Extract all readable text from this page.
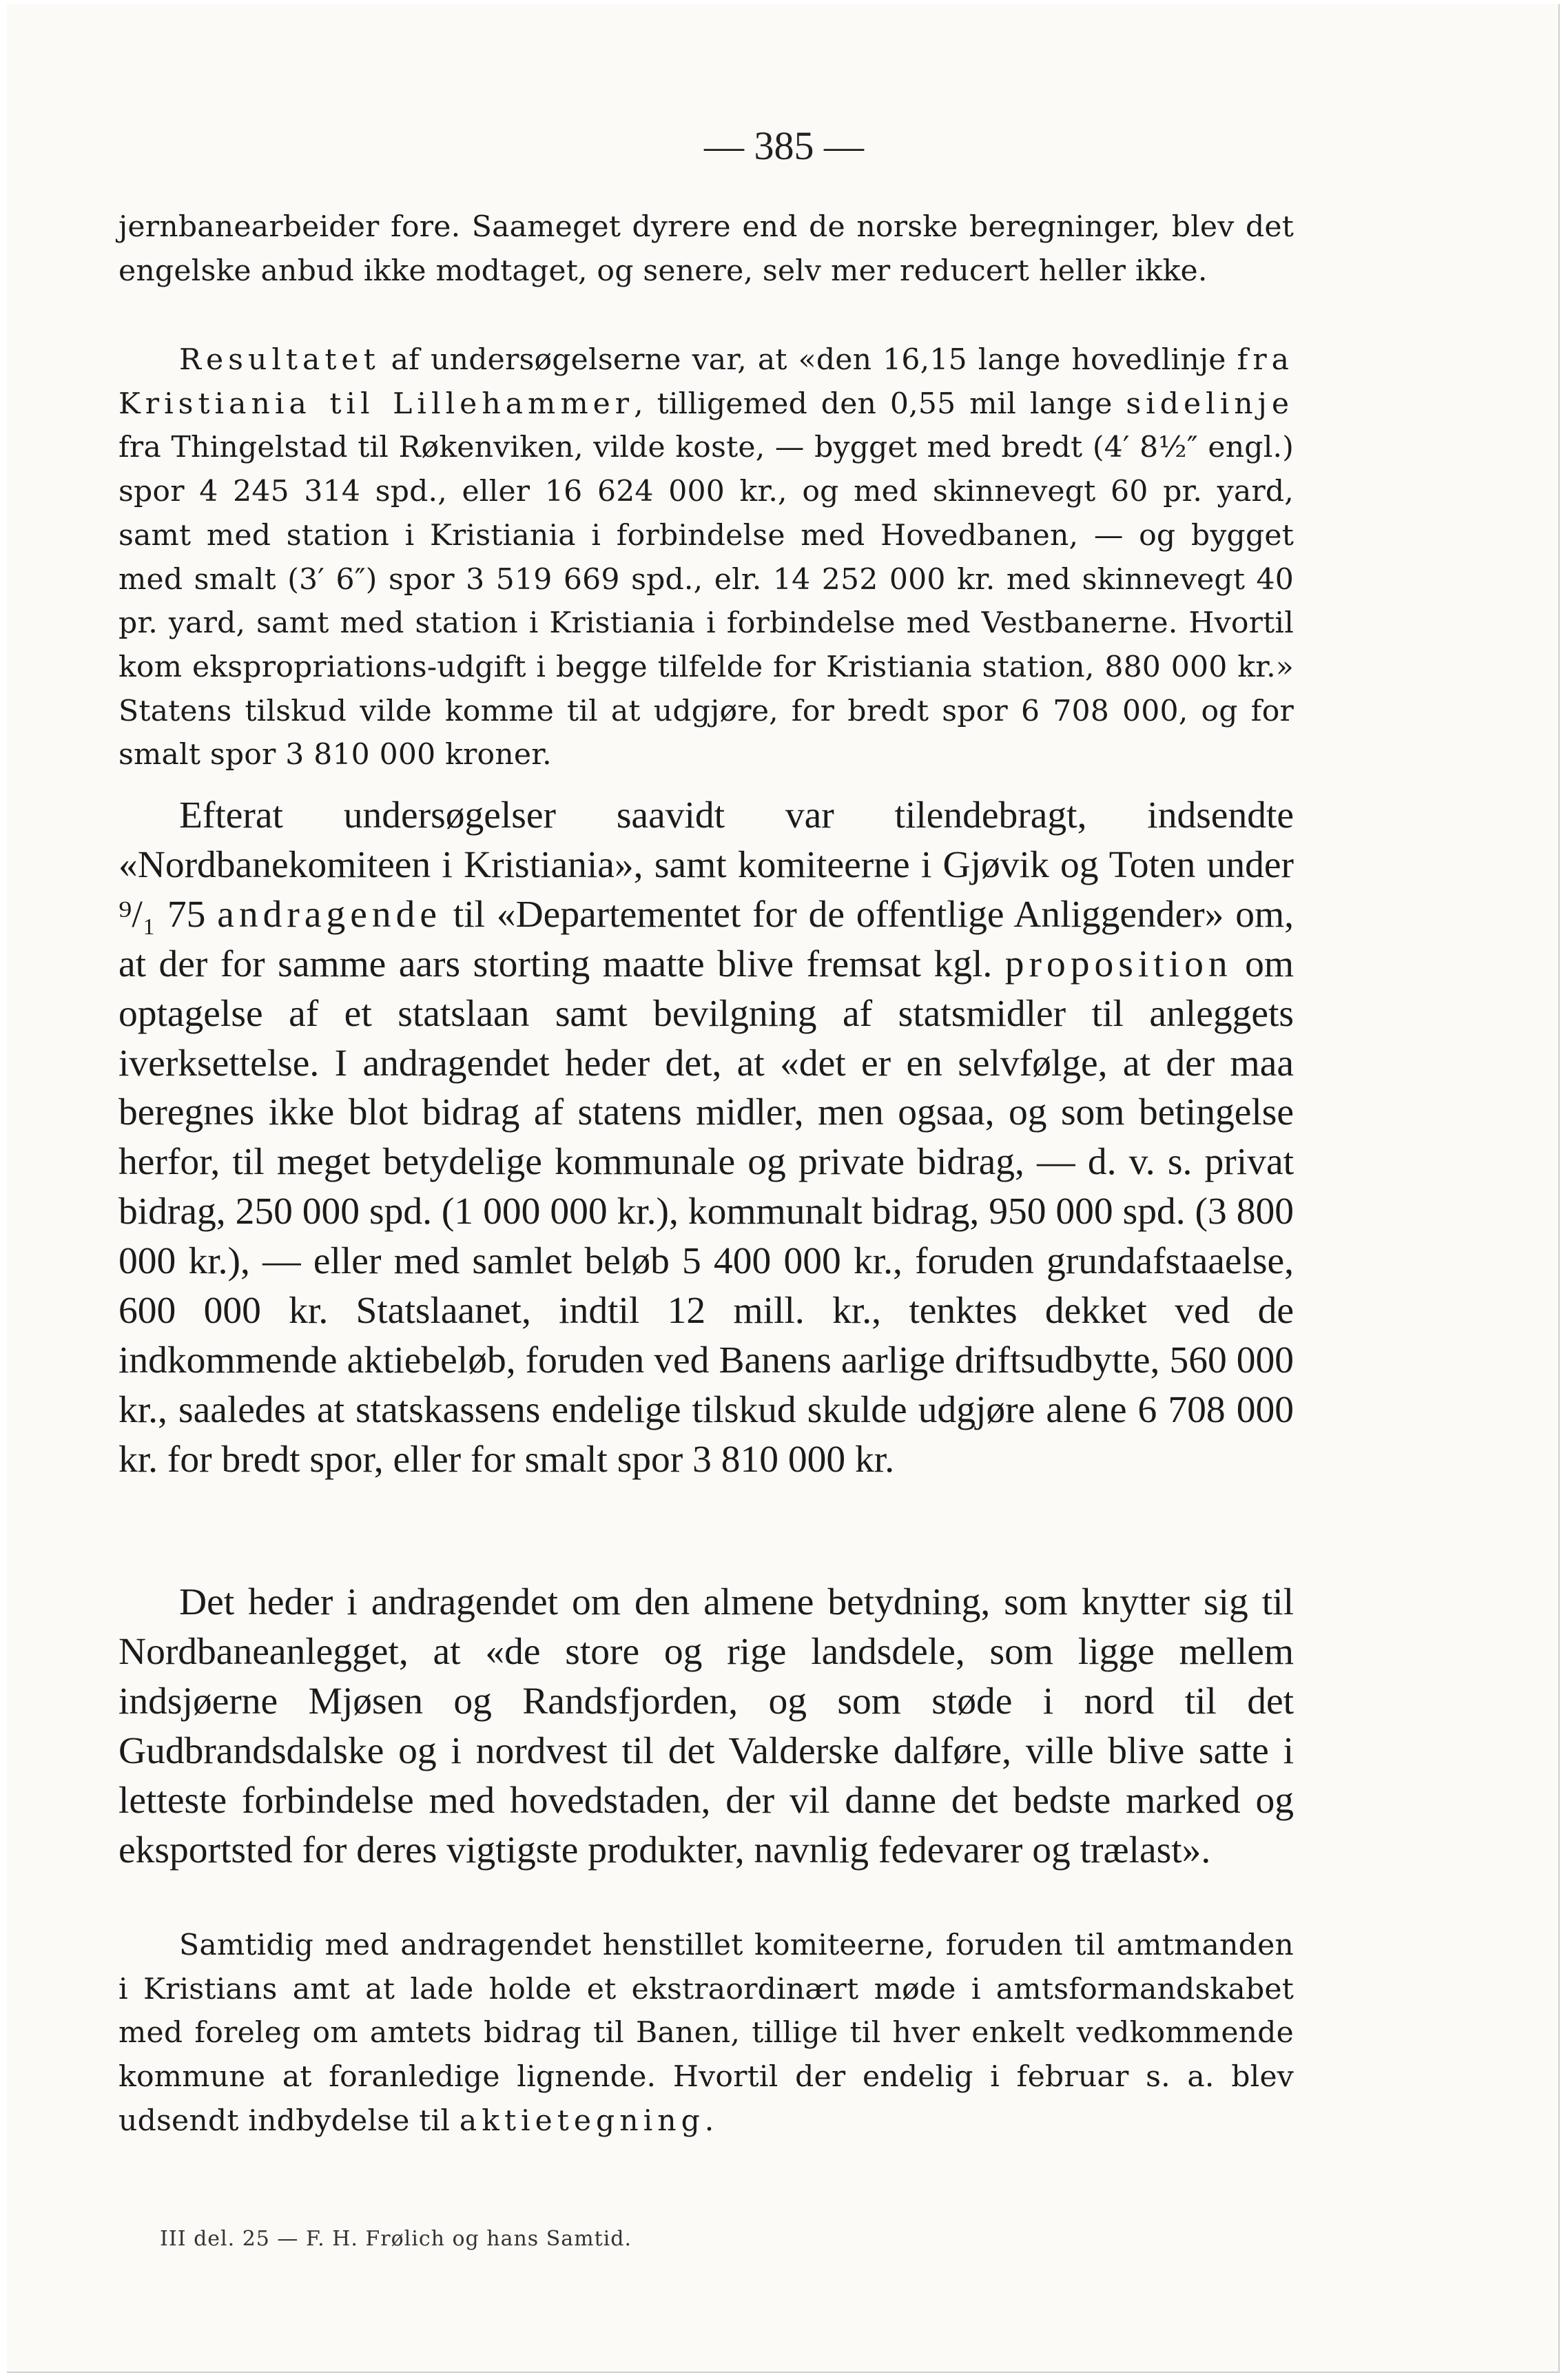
— 385 —

jernbanearbeider fore. Saameget dyrere end de norske beregninger, blev det engelske anbud ikke modtaget, og senere, selv mer reducert heller ikke.

Resultatet af undersøgelserne var, at «den 16,15 lange hovedlinje fra Kristiania til Lillehammer, tilligemed den 0,55 mil lange sidelinje fra Thingelstad til Røkenviken, vilde koste, — bygget med bredt (4′ 8½″ engl.) spor 4 245 314 spd., eller 16 624 000 kr., og med skinnevegt 60 pr. yard, samt med station i Kristiania i forbindelse med Hovedbanen, — og bygget med smalt (3′ 6″) spor 3 519 669 spd., elr. 14 252 000 kr. med skinnevegt 40 pr. yard, samt med station i Kristiania i forbindelse med Vestbanerne. Hvortil kom ekspropriations-udgift i begge tilfelde for Kristiania station, 880 000 kr.» Statens tilskud vilde komme til at udgjøre, for bredt spor 6 708 000, og for smalt spor 3 810 000 kroner.

Efterat undersøgelser saavidt var tilendebragt, indsendte «Nordbanekomiteen i Kristiania», samt komiteerne i Gjøvik og Toten under ⁹/₁ 75 andragende til «Departementet for de offentlige Anliggender» om, at der for samme aars storting maatte blive fremsat kgl. proposition om optagelse af et statslaan samt bevilgning af statsmidler til anleggets iverksettelse. I andragendet heder det, at «det er en selvfølge, at der maa beregnes ikke blot bidrag af statens midler, men ogsaa, og som betingelse herfor, til meget betydelige kommunale og private bidrag, — d. v. s. privat bidrag, 250 000 spd. (1 000 000 kr.), kommunalt bidrag, 950 000 spd. (3 800 000 kr.), — eller med samlet beløb 5 400 000 kr., foruden grundafstaaelse, 600 000 kr. Statslaanet, indtil 12 mill. kr., tenktes dekket ved de indkommende aktiebeløb, foruden ved Banens aarlige driftsudbytte, 560 000 kr., saaledes at statskassens endelige tilskud skulde udgjøre alene 6 708 000 kr. for bredt spor, eller for smalt spor 3 810 000 kr.

Det heder i andragendet om den almene betydning, som knytter sig til Nordbaneanlegget, at «de store og rige landsdele, som ligge mellem indsjøerne Mjøsen og Randsfjorden, og som støde i nord til det Gudbrandsdalske og i nordvest til det Valderske dalføre, ville blive satte i letteste forbindelse med hovedstaden, der vil danne det bedste marked og eksportsted for deres vigtigste produkter, navnlig fedevarer og trælast».

Samtidig med andragendet henstillet komiteerne, foruden til amtmanden i Kristians amt at lade holde et ekstraordinært møde i amtsformandskabet med foreleg om amtets bidrag til Banen, tillige til hver enkelt vedkommende kommune at foranledige lignende. Hvortil der endelig i februar s. a. blev udsendt indbydelse til aktietegning.

III del. 25 — F. H. Frølich og hans Samtid.
